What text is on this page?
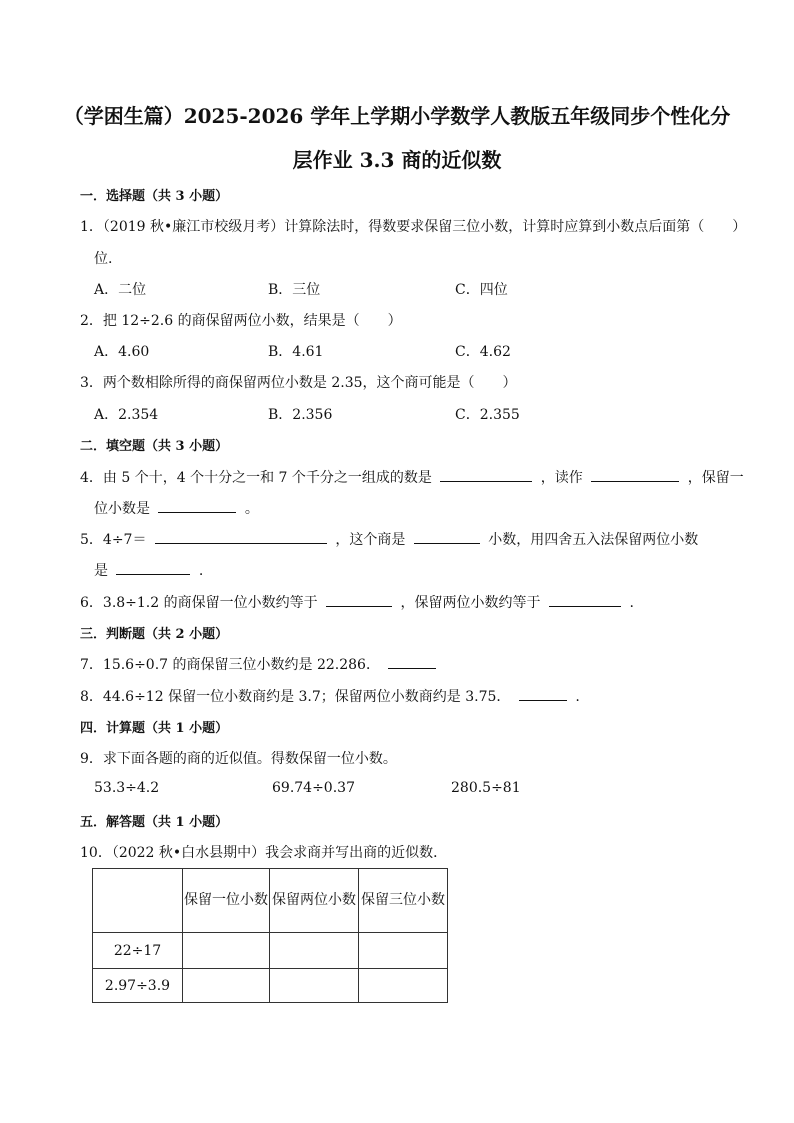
（学困生篇）2025-2026 学年上学期小学数学人教版五年级同步个性化分
层作业 3.3 商的近似数
一．选择题（共 3 小题）
1．（2019 秋•廉江市校级月考）计算除法时，得数要求保留三位小数，计算时应算到小数点后面第（　　）
位.
A．二位	B．三位	C．四位
2．把 12÷2.6 的商保留两位小数，结果是（　　）
A．4.60	B．4.61	C．4.62
3．两个数相除所得的商保留两位小数是 2.35，这个商可能是（　　）
A．2.354	B．2.356	C．2.355
二．填空题（共 3 小题）
4．由 5 个十，4 个十分之一和 7 个千分之一组成的数是	，读作	，保留一
位小数是	。
5．4÷7＝	，这个商是	小数，用四舍五入法保留两位小数
是	.
6．3.8÷1.2 的商保留一位小数约等于	，保留两位小数约等于	.
三．判断题（共 2 小题）
7．15.6÷0.7 的商保留三位小数约是 22.286．
8．44.6÷12 保留一位小数商约是 3.7；保留两位小数商约是 3.75．	.
四．计算题（共 1 小题）
9．求下面各题的商的近似值。得数保留一位小数。
53.3÷4.2	69.74÷0.37	280.5÷81
五．解答题（共 1 小题）
10．（2022 秋•白水县期中）我会求商并写出商的近似数．
	保留一位小数	保留两位小数	保留三位小数
22÷17			
2.97÷3.9			
